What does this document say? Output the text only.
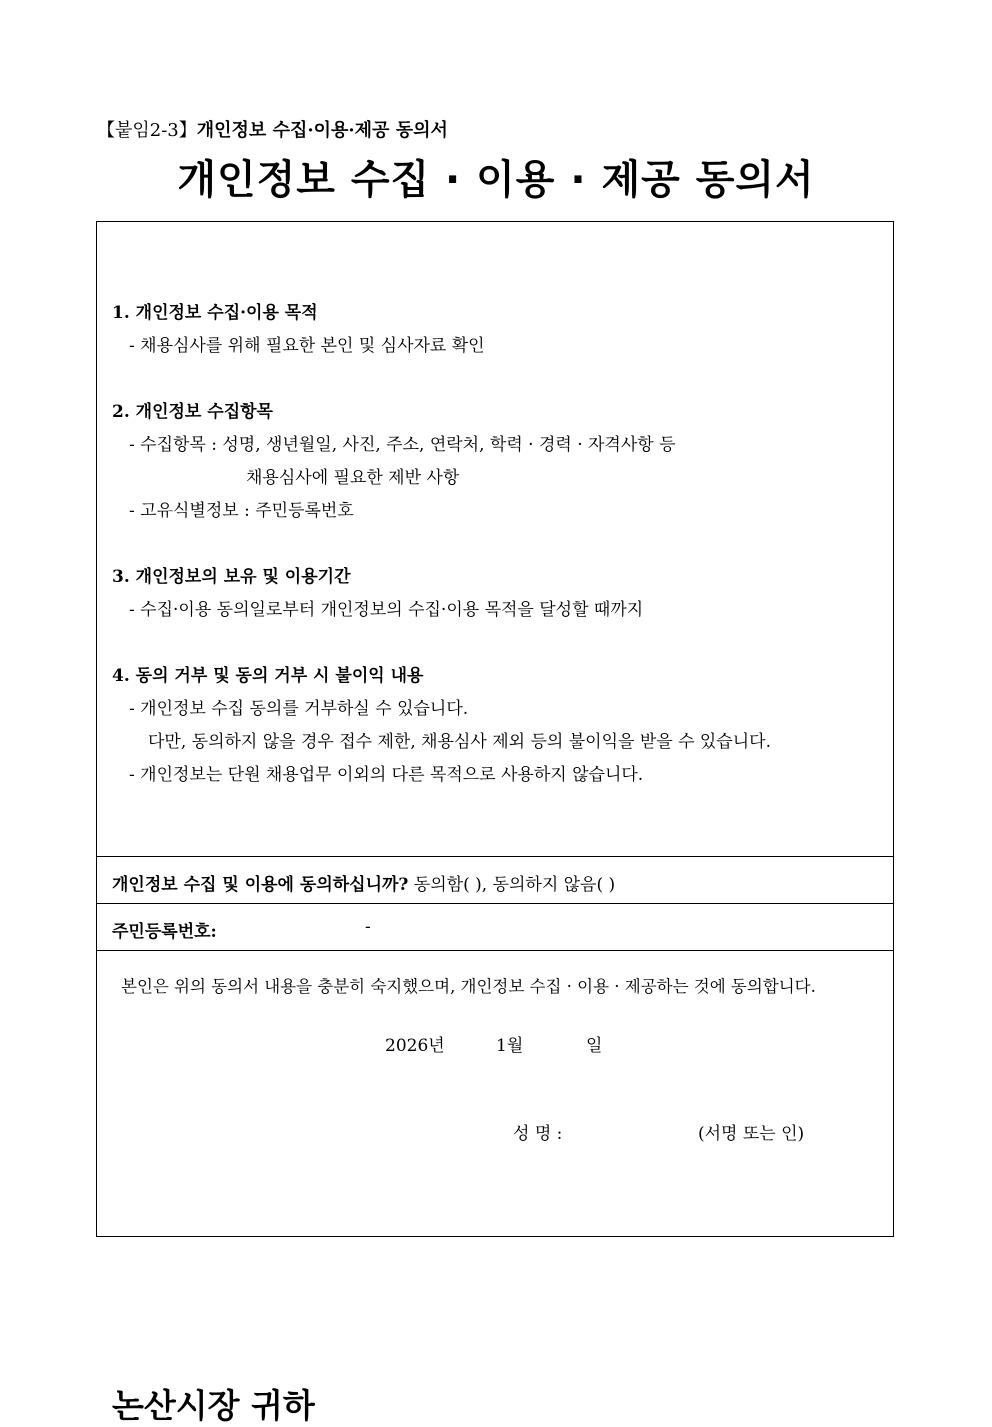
【붙임2-3】개인정보 수집·이용·제공 동의서
개인정보 수집 · 이용 · 제공 동의서
1. 개인정보 수집·이용 목적
- 채용심사를 위해 필요한 본인 및 심사자료 확인
2. 개인정보 수집항목
- 수집항목 : 성명, 생년월일, 사진, 주소, 연락처, 학력 · 경력 · 자격사항 등
채용심사에 필요한 제반 사항
- 고유식별정보 : 주민등록번호
3. 개인정보의 보유 및 이용기간
- 수집·이용 동의일로부터 개인정보의 수집·이용 목적을 달성할 때까지
4. 동의 거부 및 동의 거부 시 불이익 내용
- 개인정보 수집 동의를 거부하실 수 있습니다.
다만, 동의하지 않을 경우 접수 제한, 채용심사 제외 등의 불이익을 받을 수 있습니다.
- 개인정보는 단원 채용업무 이외의 다른 목적으로 사용하지 않습니다.
개인정보 수집 및 이용에 동의하십니까? 동의함( ), 동의하지 않음( )
주민등록번호:	-
본인은 위의 동의서 내용을 충분히 숙지했으며, 개인정보 수집 · 이용 · 제공하는 것에 동의합니다.
2026년	1월	일
성 명 :	(서명 또는 인)
논산시장 귀하
